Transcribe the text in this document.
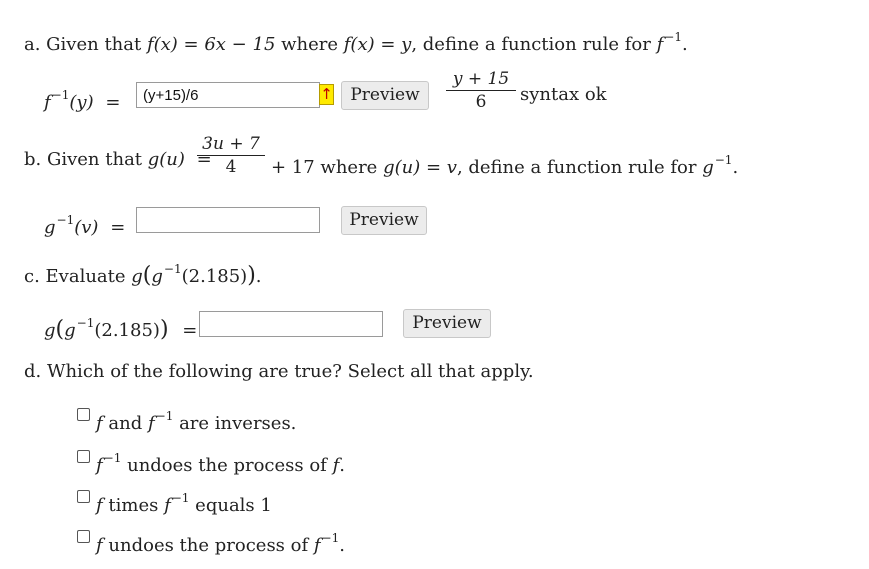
a. Given that f(x) = 6x − 15 where f(x) = y, define a function rule for $f^{-1}$.
$f^{-1}(y)$ =
(y+15)/6	↑	Preview
y + 15
6	syntax ok
b. Given that g(u) =
3u + 7
4	+ 17 where g(u) = v, define a function rule for $g^{-1}$.
$g^{-1}(v)$ =	Preview
c. Evaluate $g(g^{-1}(2.185))$.
$g(g^{-1}(2.185))$ =	Preview
d. Which of the following are true? Select all that apply.
f and $f^{-1}$ are inverses.
$f^{-1}$ undoes the process of f.
f times $f^{-1}$ equals 1
f undoes the process of $f^{-1}$.
